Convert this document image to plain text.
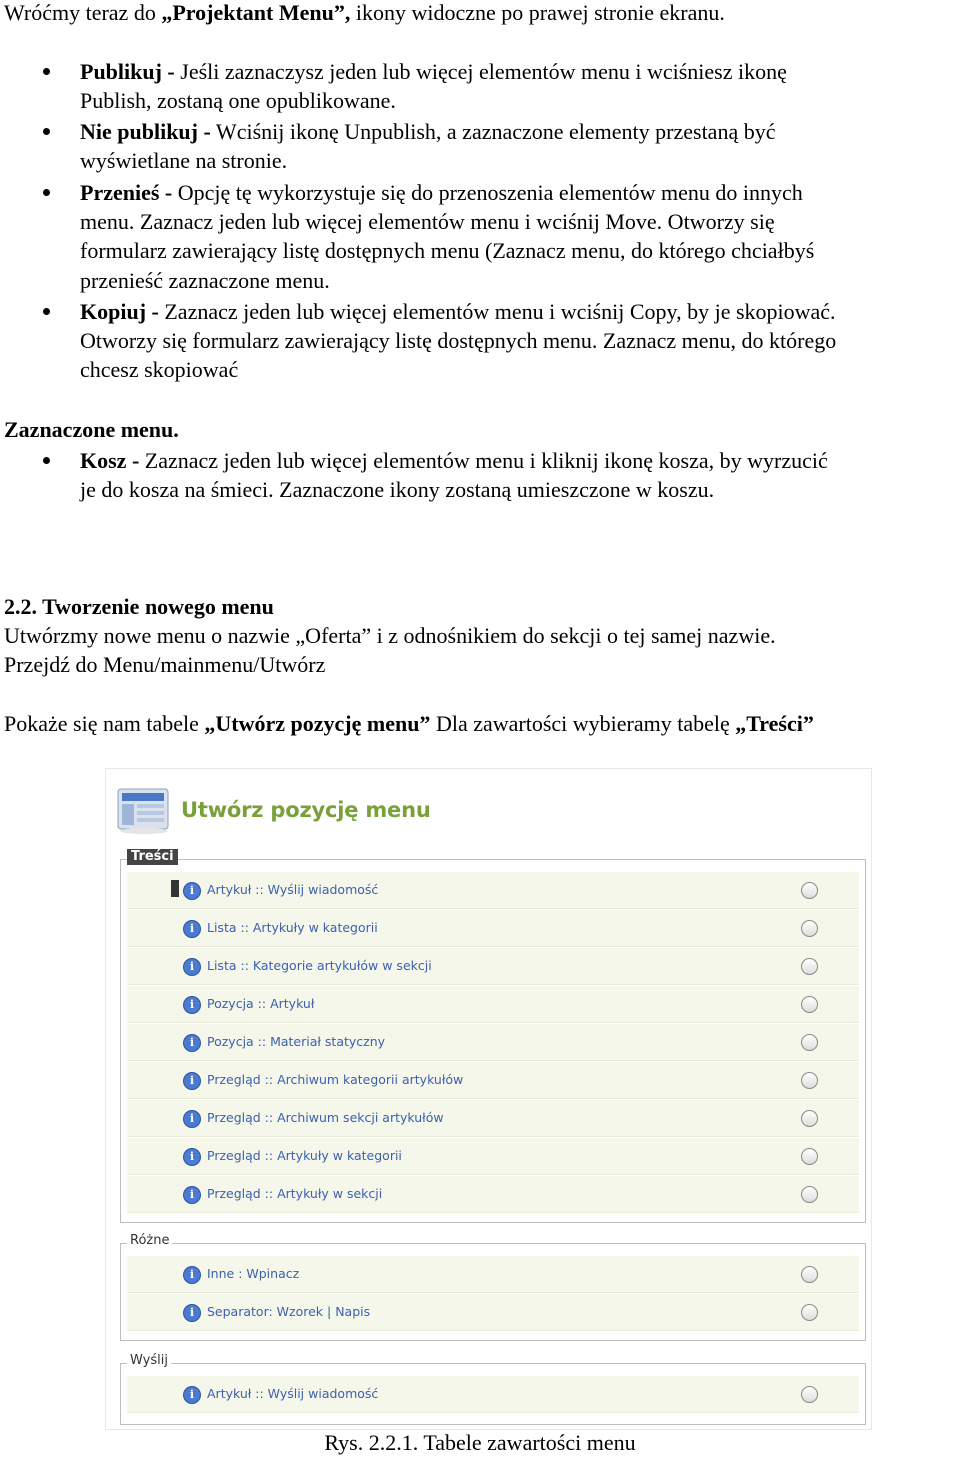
Wróćmy teraz do „Projektant Menu”, ikony widoczne po prawej stronie ekranu.
Publikuj - Jeśli zaznaczysz jeden lub więcej elementów menu i wciśniesz ikonę
Publish, zostaną one opublikowane.
Nie publikuj - Wciśnij ikonę Unpublish, a zaznaczone elementy przestaną być
wyświetlane na stronie.
Przenieś - Opcję tę wykorzystuje się do przenoszenia elementów menu do innych
menu. Zaznacz jeden lub więcej elementów menu i wciśnij Move. Otworzy się
formularz zawierający listę dostępnych menu (Zaznacz menu, do którego chciałbyś
przenieść zaznaczone menu.
Kopiuj - Zaznacz jeden lub więcej elementów menu i wciśnij Copy, by je skopiować.
Otworzy się formularz zawierający listę dostępnych menu. Zaznacz menu, do którego
chcesz skopiować
Zaznaczone menu.
Kosz - Zaznacz jeden lub więcej elementów menu i kliknij ikonę kosza, by wyrzucić
je do kosza na śmieci. Zaznaczone ikony zostaną umieszczone w koszu.
2.2. Tworzenie nowego menu
Utwórzmy nowe menu o nazwie „Oferta” i z odnośnikiem do sekcji o tej samej nazwie.
Przejdź do Menu/mainmenu/Utwórz
Pokaże się nam tabele „Utwórz pozycję menu” Dla zawartości wybieramy tabelę „Treści”
Utwórz pozycję menu
Treści
i	Artykuł :: Wyślij wiadomość
i	Lista :: Artykuły w kategorii
i	Lista :: Kategorie artykułów w sekcji
i	Pozycja :: Artykuł
i	Pozycja :: Materiał statyczny
i	Przegląd :: Archiwum kategorii artykułów
i	Przegląd :: Archiwum sekcji artykułów
i	Przegląd :: Artykuły w kategorii
i	Przegląd :: Artykuły w sekcji
Różne
i	Inne : Wpinacz
i	Separator: Wzorek | Napis
Wyślij
i	Artykuł :: Wyślij wiadomość
Rys. 2.2.1. Tabele zawartości menu
